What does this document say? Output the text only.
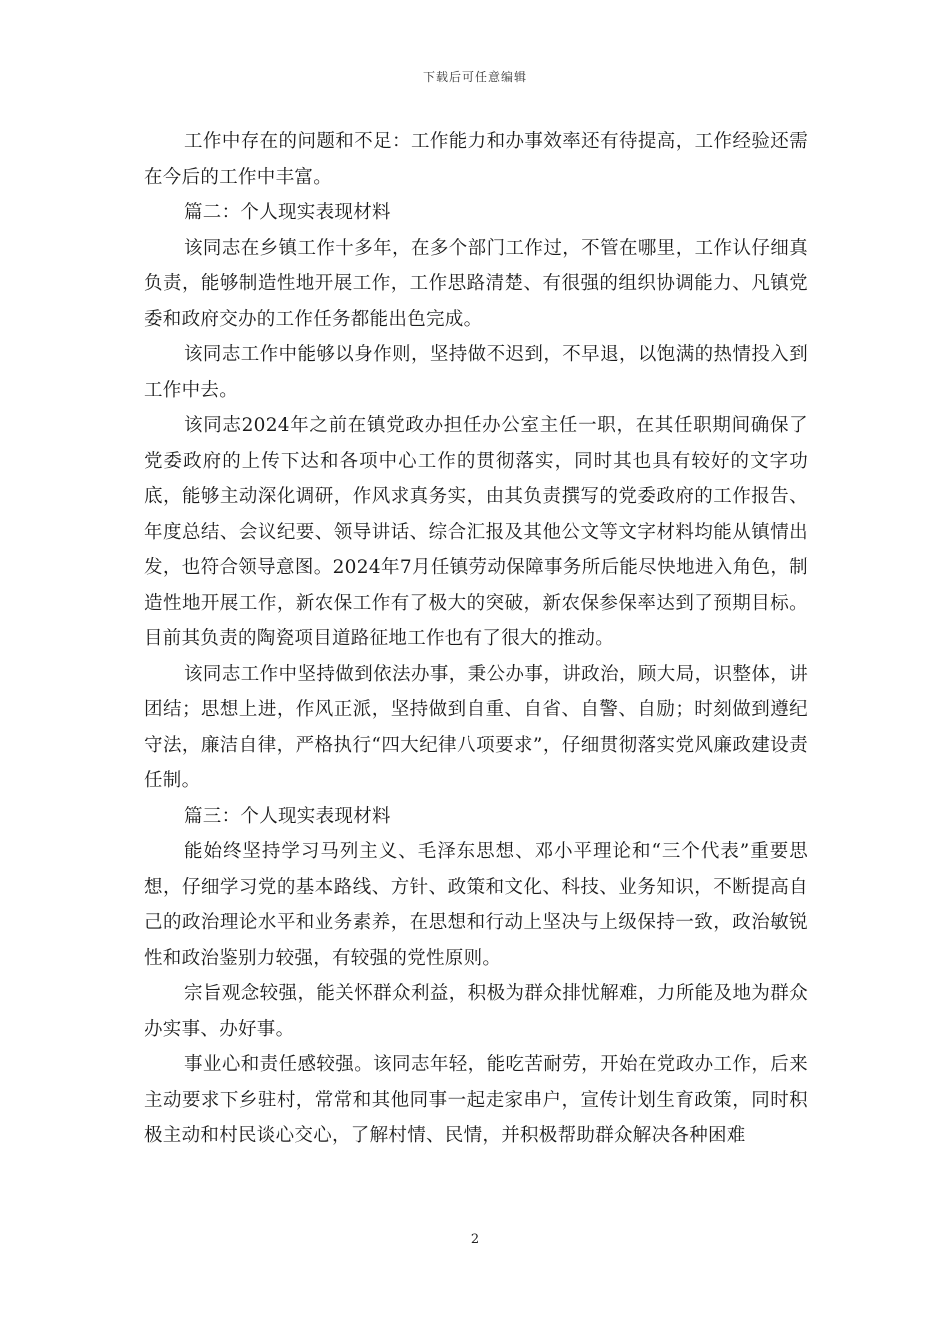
下载后可任意编辑

工作中存在的问题和不足：工作能力和办事效率还有待提高，工作经验还需在今后的工作中丰富。

篇二：个人现实表现材料

该同志在乡镇工作十多年，在多个部门工作过，不管在哪里，工作认仔细真负责，能够制造性地开展工作，工作思路清楚、有很强的组织协调能力、凡镇党委和政府交办的工作任务都能出色完成。

该同志工作中能够以身作则，坚持做不迟到，不早退，以饱满的热情投入到工作中去。

该同志2024年之前在镇党政办担任办公室主任一职，在其任职期间确保了党委政府的上传下达和各项中心工作的贯彻落实，同时其也具有较好的文字功底，能够主动深化调研，作风求真务实，由其负责撰写的党委政府的工作报告、年度总结、会议纪要、领导讲话、综合汇报及其他公文等文字材料均能从镇情出发，也符合领导意图。2024年7月任镇劳动保障事务所后能尽快地进入角色，制造性地开展工作，新农保工作有了极大的突破，新农保参保率达到了预期目标。目前其负责的陶瓷项目道路征地工作也有了很大的推动。

该同志工作中坚持做到依法办事，秉公办事，讲政治，顾大局，识整体，讲团结；思想上进，作风正派，坚持做到自重、自省、自警、自励；时刻做到遵纪守法，廉洁自律，严格执行“四大纪律八项要求”，仔细贯彻落实党风廉政建设责任制。

篇三：个人现实表现材料

能始终坚持学习马列主义、毛泽东思想、邓小平理论和“三个代表”重要思想，仔细学习党的基本路线、方针、政策和文化、科技、业务知识，不断提高自己的政治理论水平和业务素养，在思想和行动上坚决与上级保持一致，政治敏锐性和政治鉴别力较强，有较强的党性原则。

宗旨观念较强，能关怀群众利益，积极为群众排忧解难，力所能及地为群众办实事、办好事。

事业心和责任感较强。该同志年轻，能吃苦耐劳，开始在党政办工作，后来主动要求下乡驻村，常常和其他同事一起走家串户，宣传计划生育政策，同时积极主动和村民谈心交心，了解村情、民情，并积极帮助群众解决各种困难

2
